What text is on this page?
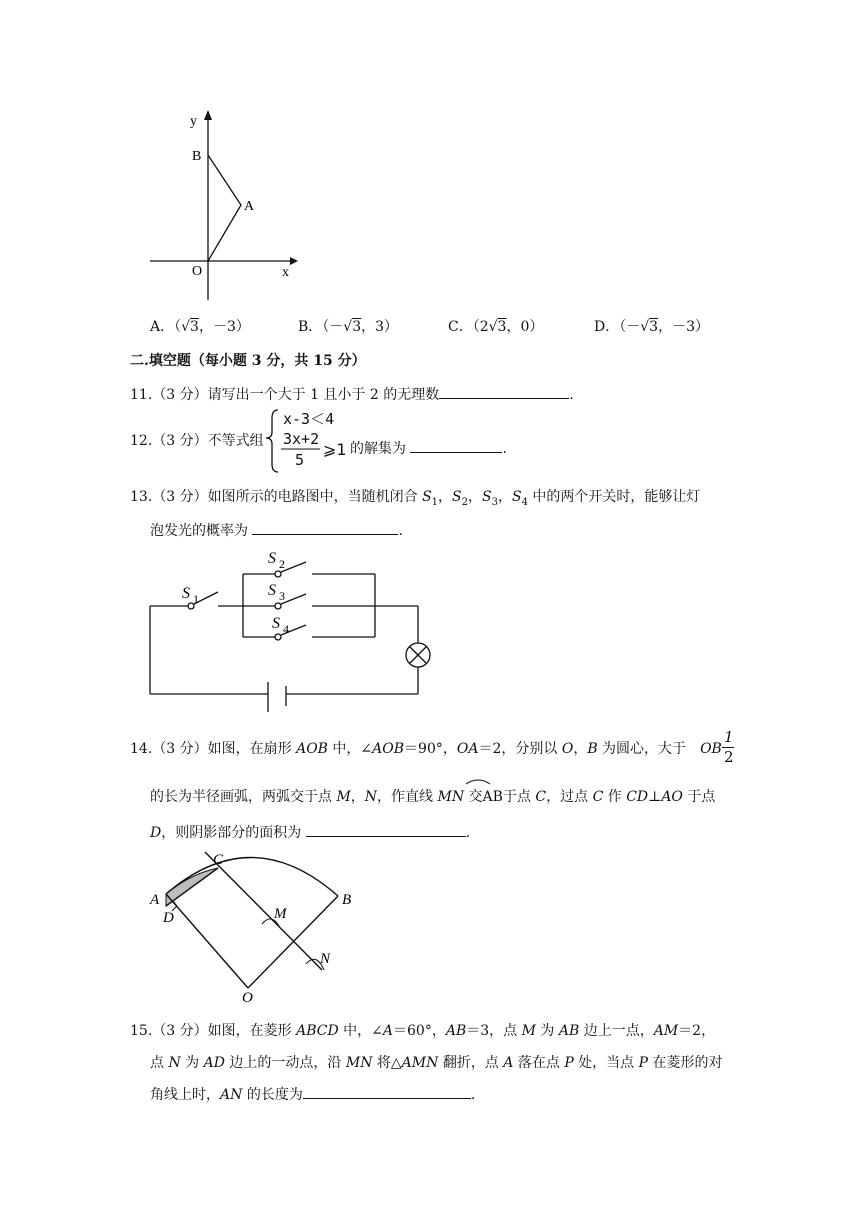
y
x
O
B
A
A．（√3，－3）	B．（－√3，3）	C．（2√3，0）	D．（－√3，－3）
二.填空题（每小题 3 分，共 15 分）
11.（3 分）请写出一个大于 1 且小于 2 的无理数	.
12.（3 分）不等式组
x-3＜4
3x+2
5
⩾1 的解集为	.
13.（3 分）如图所示的电路图中，当随机闭合 $S_1$，$S_2$，$S_3$，$S_4$ 中的两个开关时，能够让灯
泡发光的概率为	.
S 1
S 2
S 3
S 4
14.（3 分）如图，在扇形 AOB 中，∠AOB＝90°，OA＝2，分别以 O，B 为圆心，大于 OB
1
2
的长为半径画弧，两弧交于点 M，N，作直线 MN 交AB于点 C，过点 C 作 CD⊥AO 于点
D，则阴影部分的面积为	.
A
D
C
B
M
N
O
15.（3 分）如图，在菱形 ABCD 中，∠A＝60°，AB＝3，点 M 为 AB 边上一点，AM＝2，
点 N 为 AD 边上的一动点，沿 MN 将△AMN 翻折，点 A 落在点 P 处，当点 P 在菱形的对
角线上时，AN 的长度为	.
